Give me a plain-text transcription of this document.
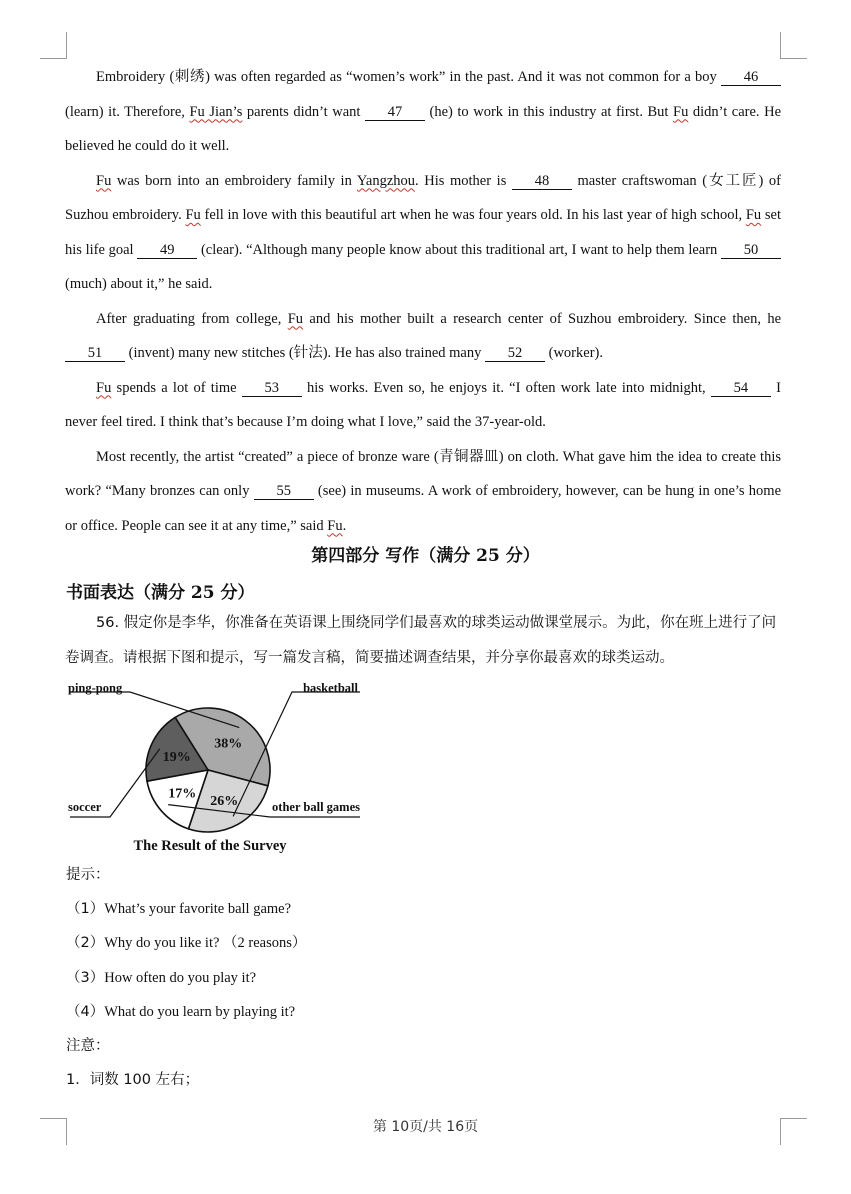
Embroidery (刺绣) was often regarded as “women’s work” in the past. And it was not common for a boy 46 (learn) it. Therefore, Fu Jian’s parents didn’t want 47 (he) to work in this industry at first. But Fu didn’t care. He believed he could do it well.

Fu was born into an embroidery family in Yangzhou. His mother is 48 master craftswoman (女工匠) of Suzhou embroidery. Fu fell in love with this beautiful art when he was four years old. In his last year of high school, Fu set his life goal 49 (clear). “Although many people know about this traditional art, I want to help them learn 50 (much) about it,” he said.

After graduating from college, Fu and his mother built a research center of Suzhou embroidery. Since then, he 51 (invent) many new stitches (针法). He has also trained many 52 (worker).

Fu spends a lot of time 53 his works. Even so, he enjoys it. “I often work late into midnight, 54 I never feel tired. I think that’s because I’m doing what I love,” said the 37-year-old.

Most recently, the artist “created” a piece of bronze ware (青铜器皿) on cloth. What gave him the idea to create this work? “Many bronzes can only 55 (see) in museums. A work of embroidery, however, can be hung in one’s home or office. People can see it at any time,” said Fu.

第四部分 写作（满分 25 分）
书面表达（满分 25 分）

56. 假定你是李华，你准备在英语课上围绕同学们最喜欢的球类运动做课堂展示。为此，你在班上进行了问卷调查。请根据下图和提示，写一篇发言稿，简要描述调查结果，并分享你最喜欢的球类运动。

38%
26%
17%
19%
ping-pong	basketball
other ball games
soccer
The Result of the Survey
提示：
（1）What’s your favorite ball game?
（2）Why do you like it? （2 reasons）
（3）How often do you play it?
（4）What do you learn by playing it?
注意：
1．词数 100 左右；
第 10页/共 16页
